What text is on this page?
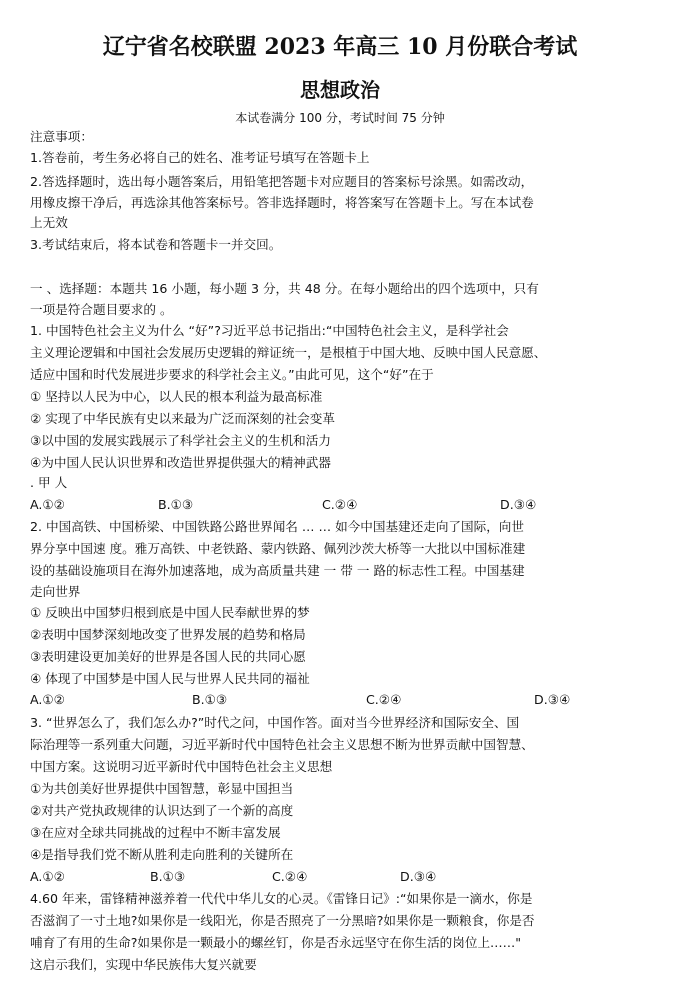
辽宁省名校联盟 2023 年高三 10 月份联合考试
思想政治
本试卷满分 100 分，考试时间 75 分钟
注意事项：
1.答卷前，考生务必将自己的姓名、准考证号填写在答题卡上
2.答选择题时，选出每小题答案后，用铅笔把答题卡对应题目的答案标号涂黑。如需改动，
用橡皮擦干净后，再选涂其他答案标号。答非选择题时，将答案写在答题卡上。写在本试卷
上无效
3.考试结束后，将本试卷和答题卡一并交回。
一 、选择题：本题共 16 小题，每小题 3 分，共 48 分。在每小题给出的四个选项中，只有
一项是符合题目要求的 。
1. 中国特色社会主义为什么 “好”?习近平总书记指出:“中国特色社会主义，是科学社会
主义理论逻辑和中国社会发展历史逻辑的辩证统一，是根植于中国大地、反映中国人民意愿、
适应中国和时代发展进步要求的科学社会主义。”由此可见，这个“好”在于
① 坚持以人民为中心，以人民的根本利益为最高标准
② 实现了中华民族有史以来最为广泛而深刻的社会变革
③以中国的发展实践展示了科学社会主义的生机和活力
④为中国人民认识世界和改造世界提供强大的精神武器
. 甲 人
A.①②	B.①③	C.②④	D.③④
2. 中国高铁、中国桥梁、中国铁路公路世界闻名 … … 如今中国基建还走向了国际，向世
界分享中国速 度。雅万高铁、中老铁路、蒙内铁路、佩列沙茨大桥等一大批以中国标准建
设的基础设施项目在海外加速落地，成为高质量共建 一 带 一 路的标志性工程。中国基建
走向世界
① 反映出中国梦归根到底是中国人民奉献世界的梦
②表明中国梦深刻地改变了世界发展的趋势和格局
③表明建设更加美好的世界是各国人民的共同心愿
④ 体现了中国梦是中国人民与世界人民共同的福祉
A.①②	B.①③	C.②④	D.③④
3. “世界怎么了，我们怎么办?”时代之问，中国作答。面对当今世界经济和国际安全、国
际治理等一系列重大问题，习近平新时代中国特色社会主义思想不断为世界贡献中国智慧、
中国方案。这说明习近平新时代中国特色社会主义思想
①为共创美好世界提供中国智慧，彰显中国担当
②对共产党执政规律的认识达到了一个新的高度
③在应对全球共同挑战的过程中不断丰富发展
④是指导我们党不断从胜利走向胜利的关键所在
A.①②	B.①③	C.②④	D.③④
4.60 年来，雷锋精神滋养着一代代中华儿女的心灵。《雷锋日记》:“如果你是一滴水，你是
否滋润了一寸土地?如果你是一线阳光，你是否照亮了一分黑暗?如果你是一颗粮食，你是否
哺育了有用的生命?如果你是一颗最小的螺丝钉，你是否永远坚守在你生活的岗位上……"
这启示我们，实现中华民族伟大复兴就要
